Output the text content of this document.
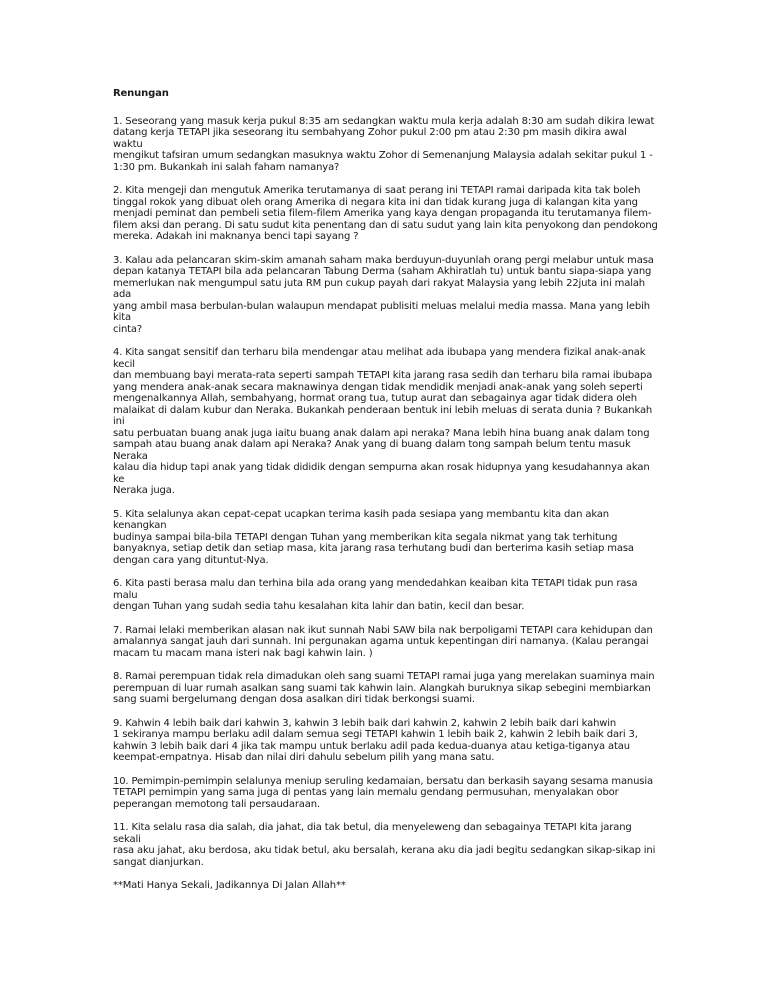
Renungan
1. Seseorang yang masuk kerja pukul 8:35 am sedangkan waktu mula kerja adalah 8:30 am sudah dikira lewat
datang kerja TETAPI jika seseorang itu sembahyang Zohor pukul 2:00 pm atau 2:30 pm masih dikira awal waktu
mengikut tafsiran umum sedangkan masuknya waktu Zohor di Semenanjung Malaysia adalah sekitar pukul 1 -
1:30 pm. Bukankah ini salah faham namanya?
2. Kita mengeji dan mengutuk Amerika terutamanya di saat perang ini TETAPI ramai daripada kita tak boleh
tinggal rokok yang dibuat oleh orang Amerika di negara kita ini dan tidak kurang juga di kalangan kita yang
menjadi peminat dan pembeli setia filem-filem Amerika yang kaya dengan propaganda itu terutamanya filem-
filem aksi dan perang. Di satu sudut kita penentang dan di satu sudut yang lain kita penyokong dan pendokong
mereka. Adakah ini maknanya benci tapi sayang ?
3. Kalau ada pelancaran skim-skim amanah saham maka berduyun-duyunlah orang pergi melabur untuk masa
depan katanya TETAPI bila ada pelancaran Tabung Derma (saham Akhiratlah tu) untuk bantu siapa-siapa yang
memerlukan nak mengumpul satu juta RM pun cukup payah dari rakyat Malaysia yang lebih 22juta ini malah ada
yang ambil masa berbulan-bulan walaupun mendapat publisiti meluas melalui media massa. Mana yang lebih kita
cinta?
4. Kita sangat sensitif dan terharu bila mendengar atau melihat ada ibubapa yang mendera fizikal anak-anak kecil
dan membuang bayi merata-rata seperti sampah TETAPI kita jarang rasa sedih dan terharu bila ramai ibubapa
yang mendera anak-anak secara maknawinya dengan tidak mendidik menjadi anak-anak yang soleh seperti
mengenalkannya Allah, sembahyang, hormat orang tua, tutup aurat dan sebagainya agar tidak didera oleh
malaikat di dalam kubur dan Neraka. Bukankah penderaan bentuk ini lebih meluas di serata dunia ? Bukankah ini
satu perbuatan buang anak juga iaitu buang anak dalam api neraka? Mana lebih hina buang anak dalam tong
sampah atau buang anak dalam api Neraka? Anak yang di buang dalam tong sampah belum tentu masuk Neraka
kalau dia hidup tapi anak yang tidak dididik dengan sempurna akan rosak hidupnya yang kesudahannya akan ke
Neraka juga.
5. Kita selalunya akan cepat-cepat ucapkan terima kasih pada sesiapa yang membantu kita dan akan kenangkan
budinya sampai bila-bila TETAPI dengan Tuhan yang memberikan kita segala nikmat yang tak terhitung
banyaknya, setiap detik dan setiap masa, kita jarang rasa terhutang budi dan berterima kasih setiap masa
dengan cara yang dituntut-Nya.
6. Kita pasti berasa malu dan terhina bila ada orang yang mendedahkan keaiban kita TETAPI tidak pun rasa malu
dengan Tuhan yang sudah sedia tahu kesalahan kita lahir dan batin, kecil dan besar.
7. Ramai lelaki memberikan alasan nak ikut sunnah Nabi SAW bila nak berpoligami TETAPI cara kehidupan dan
amalannya sangat jauh dari sunnah. Ini pergunakan agama untuk kepentingan diri namanya. (Kalau perangai
macam tu macam mana isteri nak bagi kahwin lain. )
8. Ramai perempuan tidak rela dimadukan oleh sang suami TETAPI ramai juga yang merelakan suaminya main
perempuan di luar rumah asalkan sang suami tak kahwin lain. Alangkah buruknya sikap sebegini membiarkan
sang suami bergelumang dengan dosa asalkan diri tidak berkongsi suami.
9. Kahwin 4 lebih baik dari kahwin 3, kahwin 3 lebih baik dari kahwin 2, kahwin 2 lebih baik dari kahwin
1 sekiranya mampu berlaku adil dalam semua segi TETAPI kahwin 1 lebih baik 2, kahwin 2 lebih baik dari 3,
kahwin 3 lebih baik dari 4 jika tak mampu untuk berlaku adil pada kedua-duanya atau ketiga-tiganya atau
keempat-empatnya. Hisab dan nilai diri dahulu sebelum pilih yang mana satu.
10. Pemimpin-pemimpin selalunya meniup seruling kedamaian, bersatu dan berkasih sayang sesama manusia
TETAPI pemimpin yang sama juga di pentas yang lain memalu gendang permusuhan, menyalakan obor
peperangan memotong tali persaudaraan.
11. Kita selalu rasa dia salah, dia jahat, dia tak betul, dia menyeleweng dan sebagainya TETAPI kita jarang sekali
rasa aku jahat, aku berdosa, aku tidak betul, aku bersalah, kerana aku dia jadi begitu sedangkan sikap-sikap ini
sangat dianjurkan.
**Mati Hanya Sekali, Jadikannya Di Jalan Allah**
